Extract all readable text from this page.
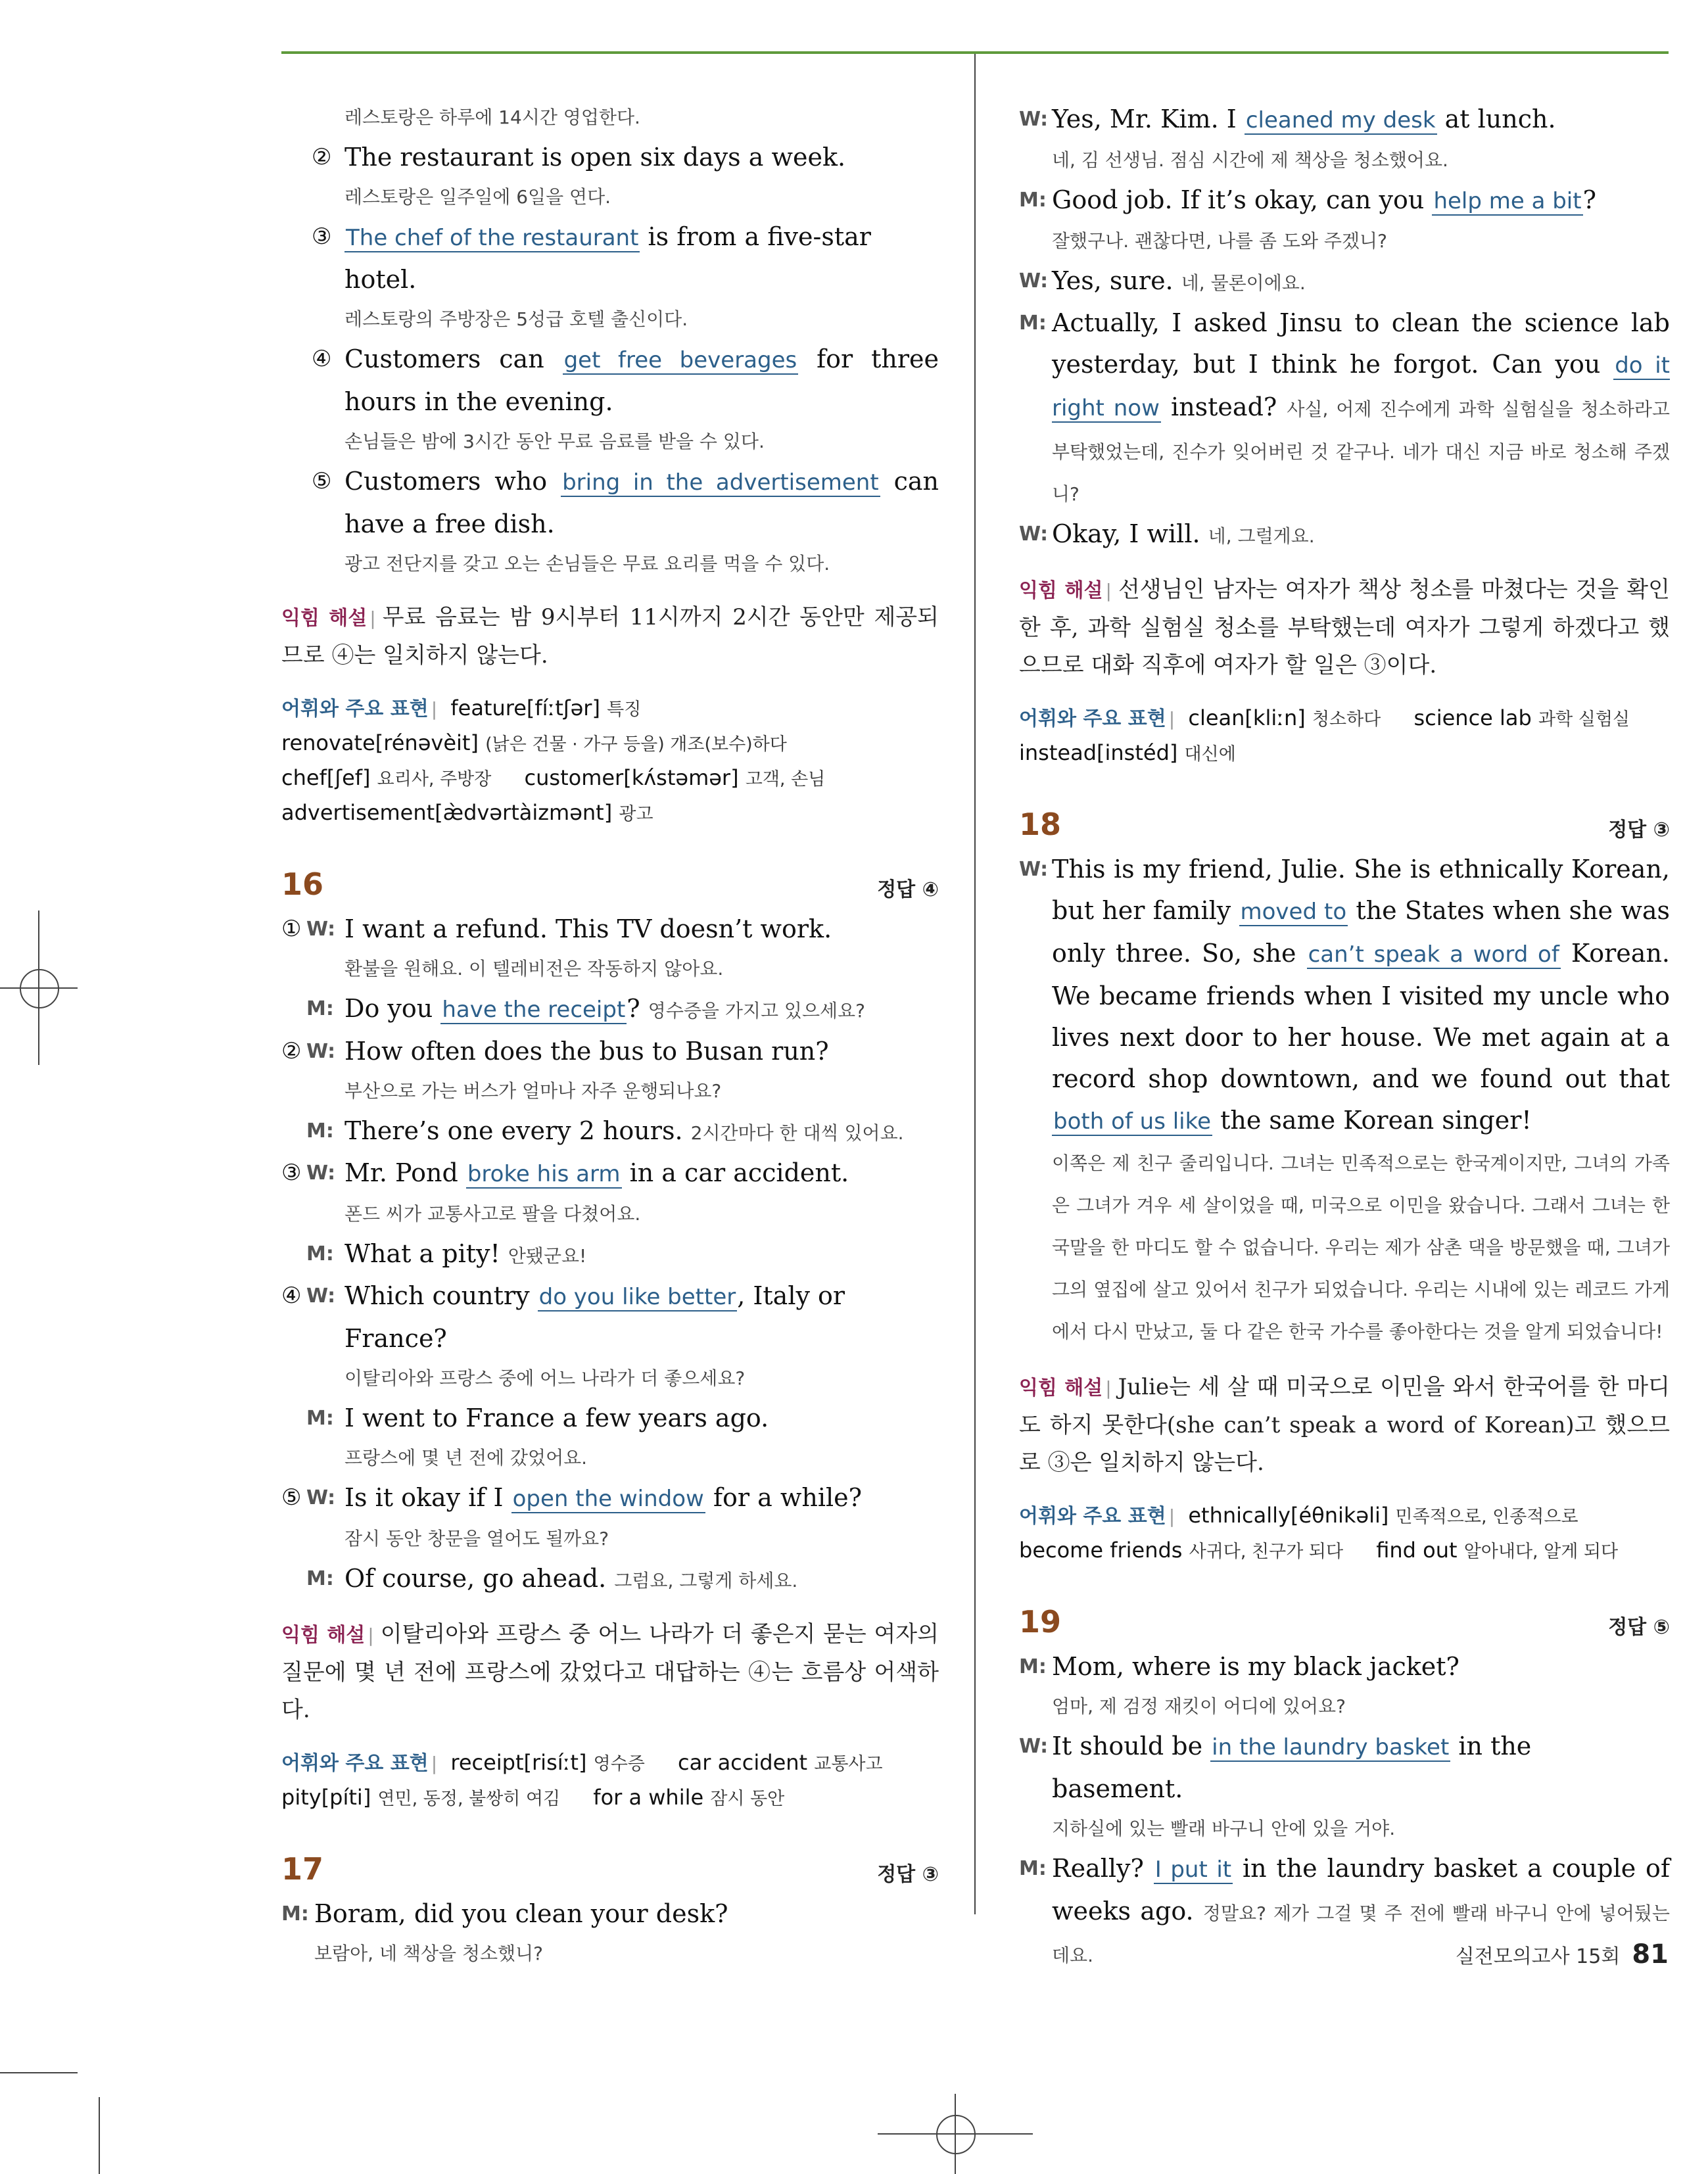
레스토랑은 하루에 14시간 영업한다.
② The restaurant is open six days a week.
레스토랑은 일주일에 6일을 연다.
③ The chef of the restaurant is from a five-star hotel.
레스토랑의 주방장은 5성급 호텔 출신이다.
④ Customers can get free beverages for three hours in the evening.
손님들은 밤에 3시간 동안 무료 음료를 받을 수 있다.
⑤ Customers who bring in the advertisement can have a free dish.
광고 전단지를 갖고 오는 손님들은 무료 요리를 먹을 수 있다.
익힘 해설 | 무료 음료는 밤 9시부터 11시까지 2시간 동안만 제공되므로 ④는 일치하지 않는다.
어휘와 주요 표현 | feature[fíːtʃər] 특징
renovate[rénəvèit] (낡은 건물 · 가구 등을) 개조(보수)하다
chef[ʃef] 요리사, 주방장 customer[kʌ́stəmər] 고객, 손님
advertisement[æ̀dvərtàizmənt] 광고
16	정답 ④
① W: I want a refund. This TV doesn’t work.
환불을 원해요. 이 텔레비전은 작동하지 않아요.
M: Do you have the receipt? 영수증을 가지고 있으세요?
② W: How often does the bus to Busan run?
부산으로 가는 버스가 얼마나 자주 운행되나요?
M: There’s one every 2 hours. 2시간마다 한 대씩 있어요.
③ W: Mr. Pond broke his arm in a car accident.
폰드 씨가 교통사고로 팔을 다쳤어요.
M: What a pity! 안됐군요!
④ W: Which country do you like better, Italy or France?
이탈리아와 프랑스 중에 어느 나라가 더 좋으세요?
M: I went to France a few years ago.
프랑스에 몇 년 전에 갔었어요.
⑤ W: Is it okay if I open the window for a while?
잠시 동안 창문을 열어도 될까요?
M: Of course, go ahead. 그럼요, 그렇게 하세요.
익힘 해설 | 이탈리아와 프랑스 중 어느 나라가 더 좋은지 묻는 여자의 질문에 몇 년 전에 프랑스에 갔었다고 대답하는 ④는 흐름상 어색하다.
어휘와 주요 표현 | receipt[risíːt] 영수증 car accident 교통사고
pity[píti] 연민, 동정, 불쌍히 여김 for a while 잠시 동안
17	정답 ③
M: Boram, did you clean your desk?
보람아, 네 책상을 청소했니?
W: Yes, Mr. Kim. I cleaned my desk at lunch.
네, 김 선생님. 점심 시간에 제 책상을 청소했어요.
M: Good job. If it’s okay, can you help me a bit?
잘했구나. 괜찮다면, 나를 좀 도와 주겠니?
W: Yes, sure. 네, 물론이에요.
M: Actually, I asked Jinsu to clean the science lab yesterday, but I think he forgot. Can you do it right now instead? 사실, 어제 진수에게 과학 실험실을 청소하라고 부탁했었는데, 진수가 잊어버린 것 같구나. 네가 대신 지금 바로 청소해 주겠니?
W: Okay, I will. 네, 그럴게요.
익힘 해설 | 선생님인 남자는 여자가 책상 청소를 마쳤다는 것을 확인한 후, 과학 실험실 청소를 부탁했는데 여자가 그렇게 하겠다고 했으므로 대화 직후에 여자가 할 일은 ③이다.
어휘와 주요 표현 | clean[kliːn] 청소하다 science lab 과학 실험실
instead[instéd] 대신에
18	정답 ③
W: This is my friend, Julie. She is ethnically Korean, but her family moved to the States when she was only three. So, she can’t speak a word of Korean. We became friends when I visited my uncle who lives next door to her house. We met again at a record shop downtown, and we found out that both of us like the same Korean singer!
이쪽은 제 친구 줄리입니다. 그녀는 민족적으로는 한국계이지만, 그녀의 가족은 그녀가 겨우 세 살이었을 때, 미국으로 이민을 왔습니다. 그래서 그녀는 한국말을 한 마디도 할 수 없습니다. 우리는 제가 삼촌 댁을 방문했을 때, 그녀가 그의 옆집에 살고 있어서 친구가 되었습니다. 우리는 시내에 있는 레코드 가게에서 다시 만났고, 둘 다 같은 한국 가수를 좋아한다는 것을 알게 되었습니다!
익힘 해설 | Julie는 세 살 때 미국으로 이민을 와서 한국어를 한 마디도 하지 못한다(she can’t speak a word of Korean)고 했으므로 ③은 일치하지 않는다.
어휘와 주요 표현 | ethnically[éθnikəli] 민족적으로, 인종적으로
become friends 사귀다, 친구가 되다 find out 알아내다, 알게 되다
19	정답 ⑤
M: Mom, where is my black jacket?
엄마, 제 검정 재킷이 어디에 있어요?
W: It should be in the laundry basket in the basement.
지하실에 있는 빨래 바구니 안에 있을 거야.
M: Really? I put it in the laundry basket a couple of weeks ago. 정말요? 제가 그걸 몇 주 전에 빨래 바구니 안에 넣어뒀는데요.	실전모의고사 15회 81
